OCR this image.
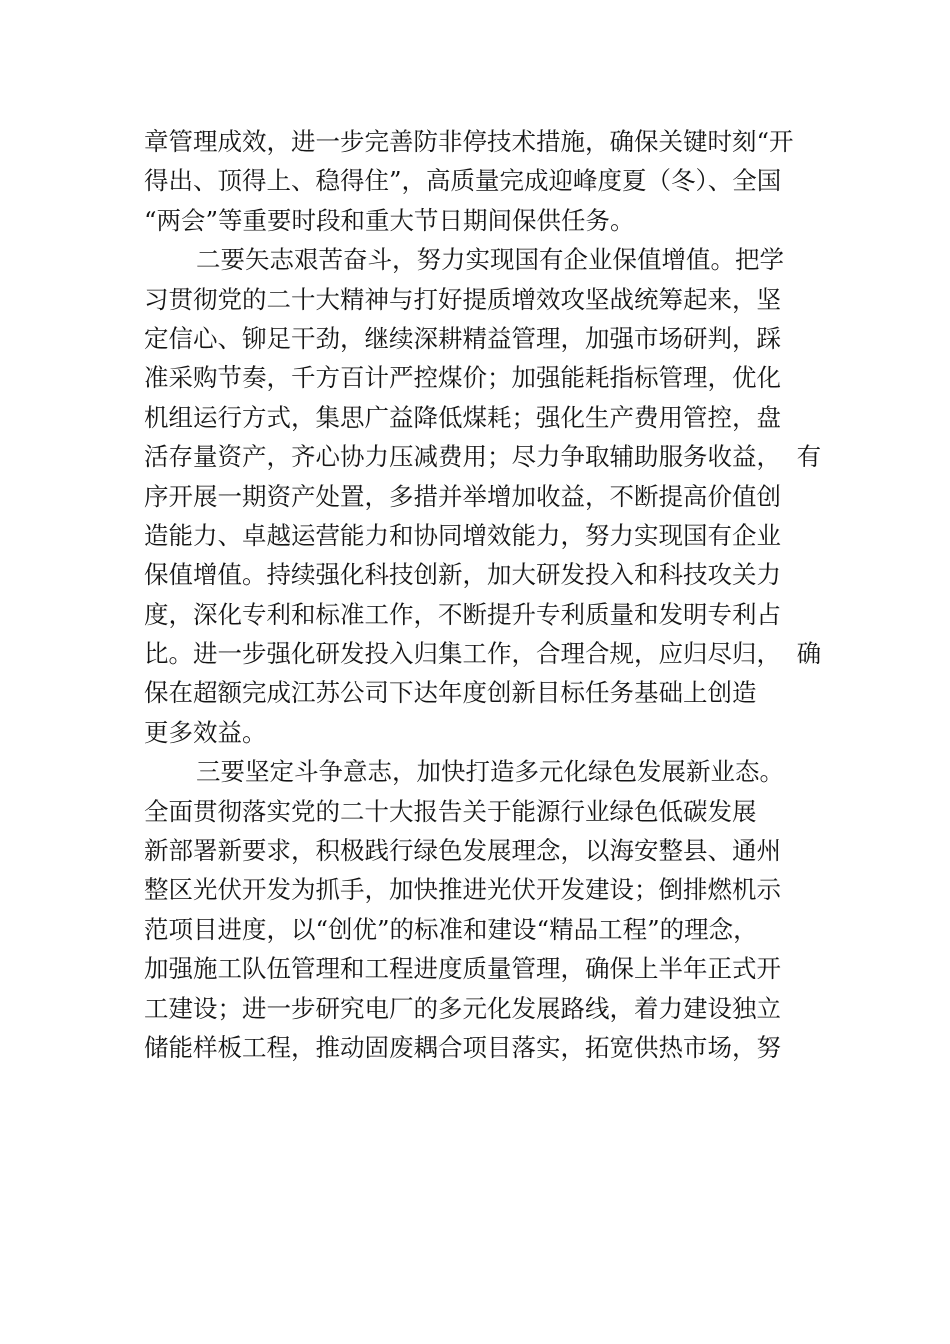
章管理成效，进一步完善防非停技术措施，确保关键时刻“开
得出、顶得上、稳得住”，高质量完成迎峰度夏（冬）、全国
“两会”等重要时段和重大节日期间保供任务。
二要矢志艰苦奋斗，努力实现国有企业保值增值。把学
习贯彻党的二十大精神与打好提质增效攻坚战统筹起来，坚
定信心、铆足干劲，继续深耕精益管理，加强市场研判，踩
准采购节奏，千方百计严控煤价；加强能耗指标管理，优化
机组运行方式，集思广益降低煤耗；强化生产费用管控，盘
活存量资产，齐心协力压减费用；尽力争取辅助服务收益，  有
序开展一期资产处置，多措并举增加收益，不断提高价值创
造能力、卓越运营能力和协同增效能力，努力实现国有企业
保值增值。持续强化科技创新，加大研发投入和科技攻关力
度，深化专利和标准工作，不断提升专利质量和发明专利占
比。进一步强化研发投入归集工作，合理合规，应归尽归，  确
保在超额完成江苏公司下达年度创新目标任务基础上创造
更多效益。
三要坚定斗争意志，加快打造多元化绿色发展新业态。
全面贯彻落实党的二十大报告关于能源行业绿色低碳发展
新部署新要求，积极践行绿色发展理念，以海安整县、通州
整区光伏开发为抓手，加快推进光伏开发建设；倒排燃机示
范项目进度，以“创优”的标准和建设“精品工程”的理念，
加强施工队伍管理和工程进度质量管理，确保上半年正式开
工建设；进一步研究电厂的多元化发展路线，着力建设独立
储能样板工程，推动固废耦合项目落实，拓宽供热市场，努
